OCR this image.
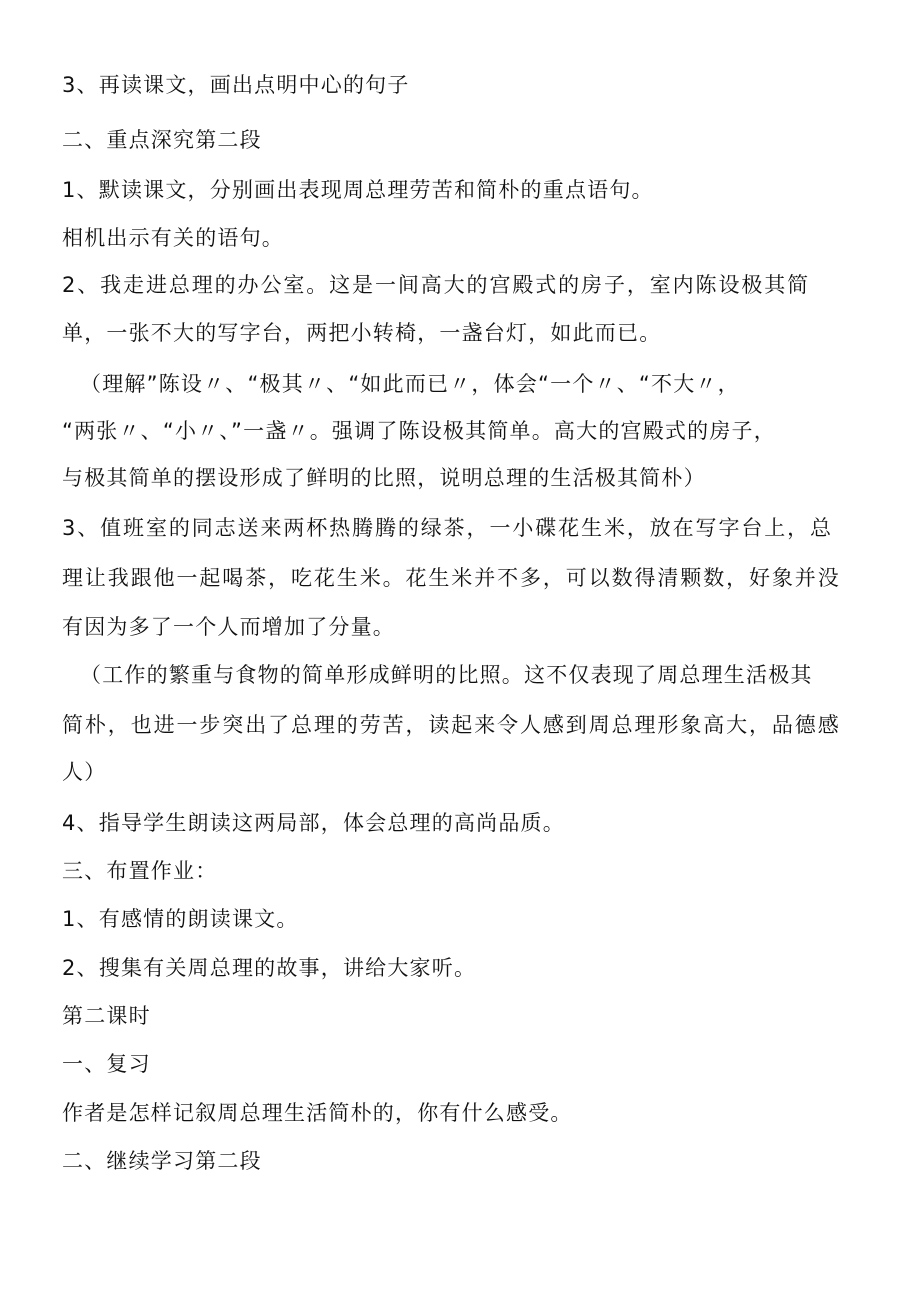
3、再读课文，画出点明中心的句子
二、重点深究第二段
1、默读课文，分别画出表现周总理劳苦和简朴的重点语句。
相机出示有关的语句。
2、我走进总理的办公室。这是一间高大的宫殿式的房子，室内陈设极其简
单，一张不大的写字台，两把小转椅，一盏台灯，如此而已。
（理解”陈设〃、“极其〃、“如此而已〃，体会“一个〃、“不大〃，
“两张〃、“小〃、”一盏〃。强调了陈设极其简单。高大的宫殿式的房子，
与极其简单的摆设形成了鲜明的比照，说明总理的生活极其简朴）
3、值班室的同志送来两杯热腾腾的绿茶，一小碟花生米，放在写字台上，总
理让我跟他一起喝茶，吃花生米。花生米并不多，可以数得清颗数，好象并没
有因为多了一个人而增加了分量。
（工作的繁重与食物的简单形成鲜明的比照。这不仅表现了周总理生活极其
简朴，也进一步突出了总理的劳苦，读起来令人感到周总理形象高大，品德感
人）
4、指导学生朗读这两局部，体会总理的高尚品质。
三、布置作业：
1、有感情的朗读课文。
2、搜集有关周总理的故事，讲给大家听。
第二课时
一、复习
作者是怎样记叙周总理生活简朴的，你有什么感受。
二、继续学习第二段
